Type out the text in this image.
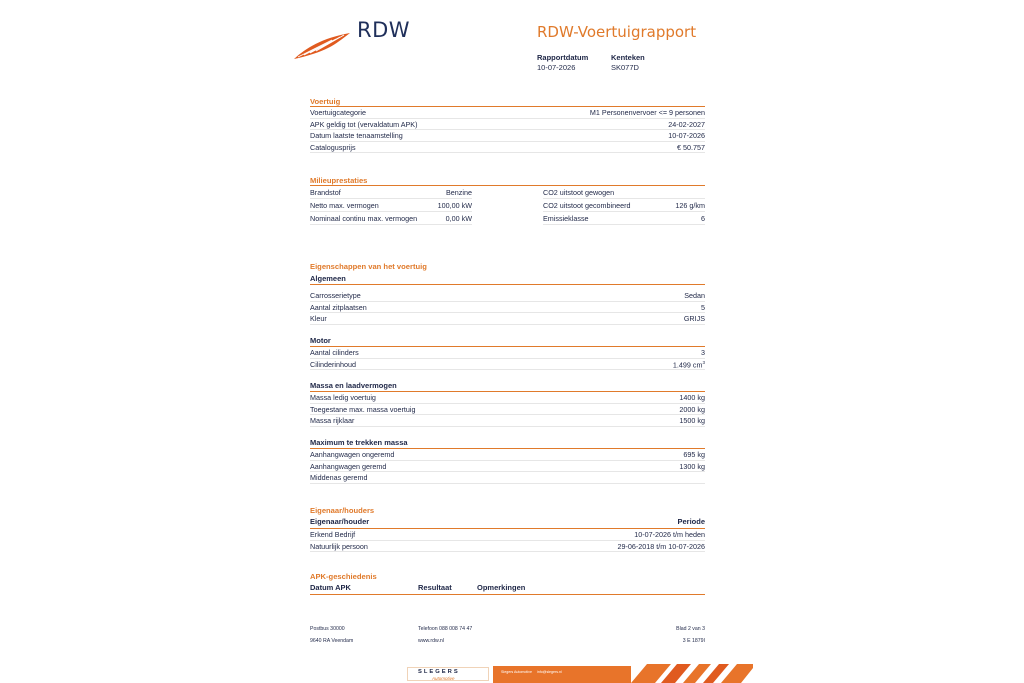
RDW	RDW-Voertuigrapport
Rapportdatum
10-07-2026
Kenteken
SK077D
Voertuig
Voertuigcategorie	M1 Personenvervoer <= 9 personen
APK geldig tot (vervaldatum APK)	24-02-2027
Datum laatste tenaamstelling	10-07-2026
Catalogusprijs	€ 50.757
Milieuprestaties
Brandstof	Benzine
Netto max. vermogen	100,00 kW
Nominaal continu max. vermogen	0,00 kW
CO2 uitstoot gewogen
CO2 uitstoot gecombineerd	126 g/km
Emissieklasse	6
Eigenschappen van het voertuig
Algemeen
Carrosserietype	Sedan
Aantal zitplaatsen	5
Kleur	GRIJS
Motor
Aantal cilinders	3
Cilinderinhoud	1.499 $cm^3$
Massa en laadvermogen
Massa ledig voertuig	1400 kg
Toegestane max. massa voertuig	2000 kg
Massa rijklaar	1500 kg
Maximum te trekken massa
Aanhangwagen ongeremd	695 kg
Aanhangwagen geremd	1300 kg
Middenas geremd
Eigenaar/houders
Eigenaar/houder	Periode
Erkend Bedrijf	10-07-2026 t/m heden
Natuurlijk persoon	29-06-2018 t/m 10-07-2026
APK-geschiedenis
Datum APK	Resultaat	Opmerkingen
Postbus 30000
9640 RA Veendam
Telefoon 088 008 74 47
www.rdw.nl
Blad 2 van 3
3 E 1879I
SLEGERS
Automotive
Slegers Automotive info@slegers.nl
